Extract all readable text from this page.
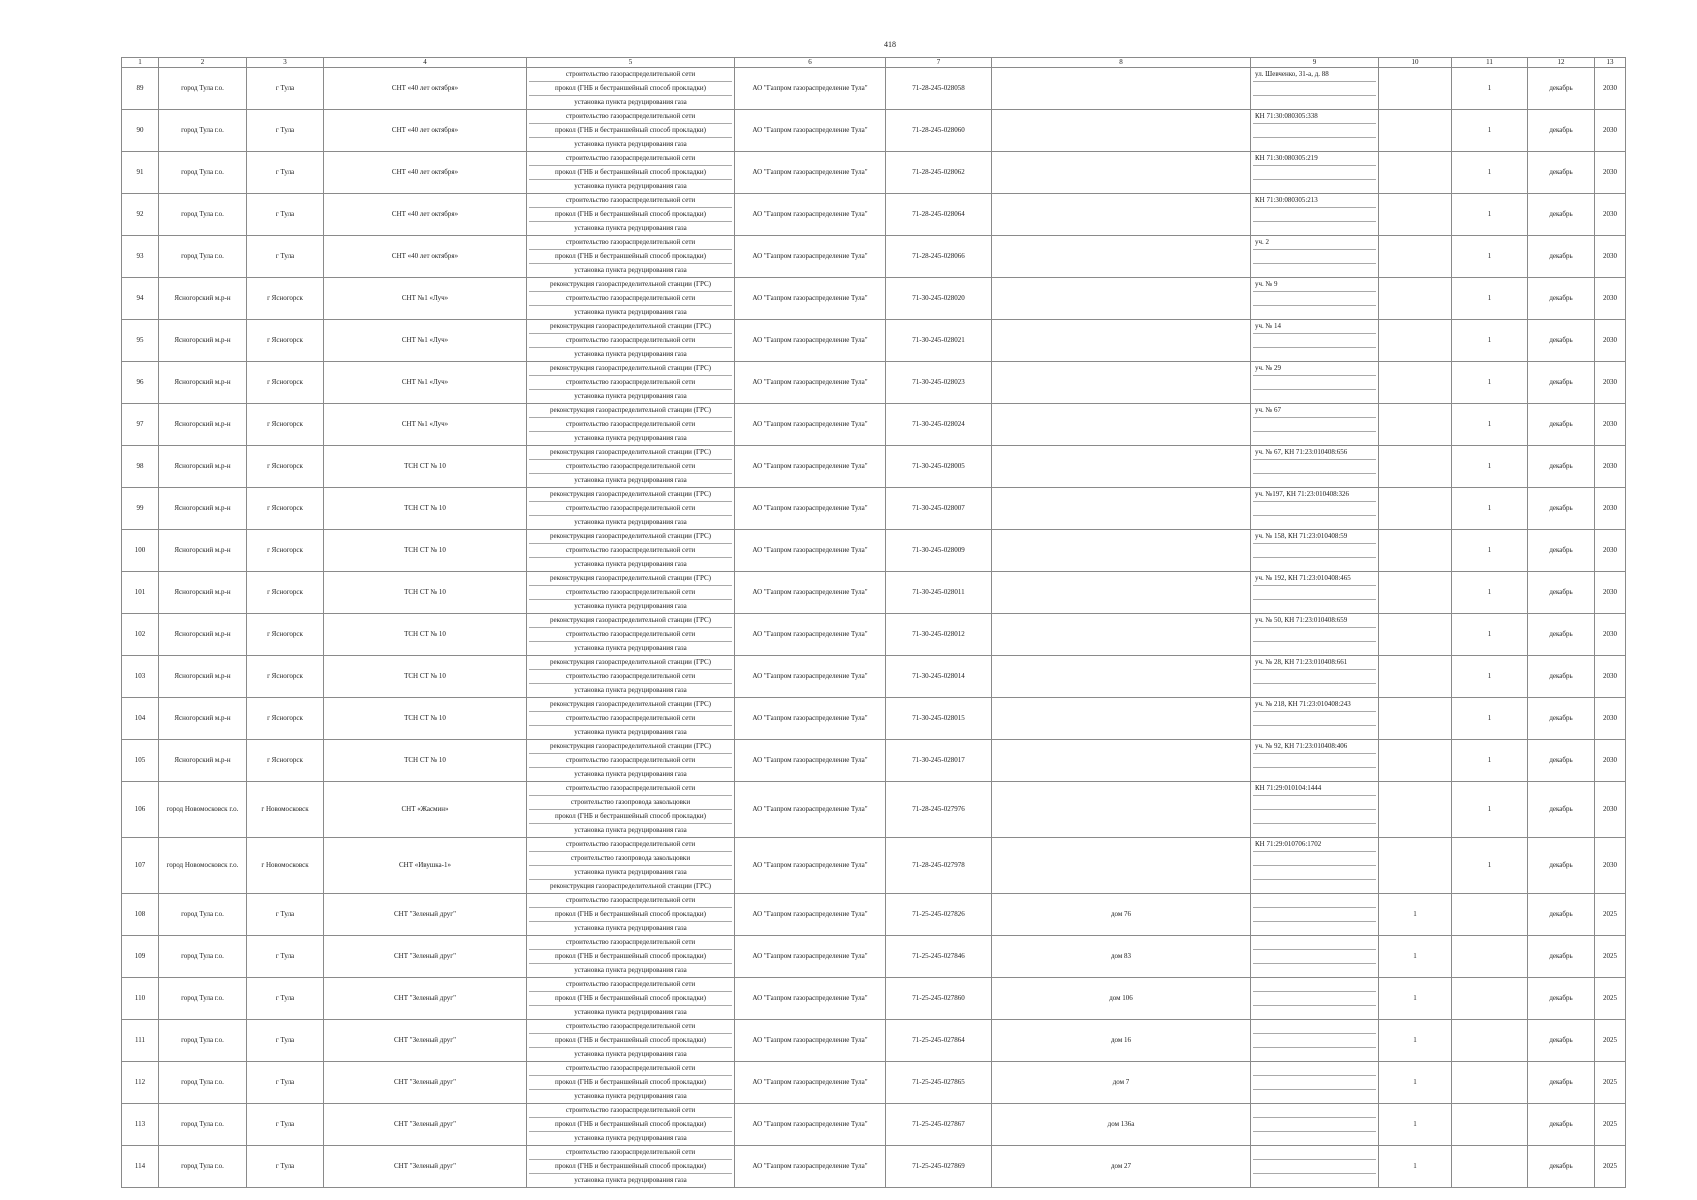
418
1	2	3	4	5	6	7	8	9	10	11	12	13
89	город Тула г.о.	г Тула	СНТ «40 лет октября»	строительство газораспределительной сети
прокол (ГНБ и бестраншейный способ прокладки)
установка пункта редуцирования газа	АО "Газпром газораспределение Тула"	71-28-245-028058		ул. Шевченко, 31-а, д. 88		1	декабрь	2030
90	город Тула г.о.	г Тула	СНТ «40 лет октября»	строительство газораспределительной сети
прокол (ГНБ и бестраншейный способ прокладки)
установка пункта редуцирования газа	АО "Газпром газораспределение Тула"	71-28-245-028060		КН 71:30:080305:338		1	декабрь	2030
91	город Тула г.о.	г Тула	СНТ «40 лет октября»	строительство газораспределительной сети
прокол (ГНБ и бестраншейный способ прокладки)
установка пункта редуцирования газа	АО "Газпром газораспределение Тула"	71-28-245-028062		КН 71:30:080305:219		1	декабрь	2030
92	город Тула г.о.	г Тула	СНТ «40 лет октября»	строительство газораспределительной сети
прокол (ГНБ и бестраншейный способ прокладки)
установка пункта редуцирования газа	АО "Газпром газораспределение Тула"	71-28-245-028064		КН 71:30:080305:213		1	декабрь	2030
93	город Тула г.о.	г Тула	СНТ «40 лет октября»	строительство газораспределительной сети
прокол (ГНБ и бестраншейный способ прокладки)
установка пункта редуцирования газа	АО "Газпром газораспределение Тула"	71-28-245-028066		уч. 2		1	декабрь	2030
94	Ясногорский м.р-н	г Ясногорск	СНТ №1 «Луч»	реконструкция газораспределительной станции (ГРС)
строительство газораспределительной сети
установка пункта редуцирования газа	АО "Газпром газораспределение Тула"	71-30-245-028020		уч. № 9		1	декабрь	2030
95	Ясногорский м.р-н	г Ясногорск	СНТ №1 «Луч»	реконструкция газораспределительной станции (ГРС)
строительство газораспределительной сети
установка пункта редуцирования газа	АО "Газпром газораспределение Тула"	71-30-245-028021		уч. № 14		1	декабрь	2030
96	Ясногорский м.р-н	г Ясногорск	СНТ №1 «Луч»	реконструкция газораспределительной станции (ГРС)
строительство газораспределительной сети
установка пункта редуцирования газа	АО "Газпром газораспределение Тула"	71-30-245-028023		уч. № 29		1	декабрь	2030
97	Ясногорский м.р-н	г Ясногорск	СНТ №1 «Луч»	реконструкция газораспределительной станции (ГРС)
строительство газораспределительной сети
установка пункта редуцирования газа	АО "Газпром газораспределение Тула"	71-30-245-028024		уч. № 67		1	декабрь	2030
98	Ясногорский м.р-н	г Ясногорск	ТСН СТ № 10	реконструкция газораспределительной станции (ГРС)
строительство газораспределительной сети
установка пункта редуцирования газа	АО "Газпром газораспределение Тула"	71-30-245-028005		уч. № 67, КН 71:23:010408:656		1	декабрь	2030
99	Ясногорский м.р-н	г Ясногорск	ТСН СТ № 10	реконструкция газораспределительной станции (ГРС)
строительство газораспределительной сети
установка пункта редуцирования газа	АО "Газпром газораспределение Тула"	71-30-245-028007		уч. №197, КН 71:23:010408:326		1	декабрь	2030
100	Ясногорский м.р-н	г Ясногорск	ТСН СТ № 10	реконструкция газораспределительной станции (ГРС)
строительство газораспределительной сети
установка пункта редуцирования газа	АО "Газпром газораспределение Тула"	71-30-245-028009		уч. № 158, КН 71:23:010408:59		1	декабрь	2030
101	Ясногорский м.р-н	г Ясногорск	ТСН СТ № 10	реконструкция газораспределительной станции (ГРС)
строительство газораспределительной сети
установка пункта редуцирования газа	АО "Газпром газораспределение Тула"	71-30-245-028011		уч. № 192, КН 71:23:010408:465		1	декабрь	2030
102	Ясногорский м.р-н	г Ясногорск	ТСН СТ № 10	реконструкция газораспределительной станции (ГРС)
строительство газораспределительной сети
установка пункта редуцирования газа	АО "Газпром газораспределение Тула"	71-30-245-028012		уч. № 50, КН 71:23:010408:659		1	декабрь	2030
103	Ясногорский м.р-н	г Ясногорск	ТСН СТ № 10	реконструкция газораспределительной станции (ГРС)
строительство газораспределительной сети
установка пункта редуцирования газа	АО "Газпром газораспределение Тула"	71-30-245-028014		уч. № 28, КН 71:23:010408:661		1	декабрь	2030
104	Ясногорский м.р-н	г Ясногорск	ТСН СТ № 10	реконструкция газораспределительной станции (ГРС)
строительство газораспределительной сети
установка пункта редуцирования газа	АО "Газпром газораспределение Тула"	71-30-245-028015		уч. № 218, КН 71:23:010408:243		1	декабрь	2030
105	Ясногорский м.р-н	г Ясногорск	ТСН СТ № 10	реконструкция газораспределительной станции (ГРС)
строительство газораспределительной сети
установка пункта редуцирования газа	АО "Газпром газораспределение Тула"	71-30-245-028017		уч. № 92, КН 71:23:010408:406		1	декабрь	2030
106	город Новомосковск г.о.	г Новомосковск	СНТ «Жасмин»	строительство газораспределительной сети
строительство газопровода закольцовки
прокол (ГНБ и бестраншейный способ прокладки)
установка пункта редуцирования газа	АО "Газпром газораспределение Тула"	71-28-245-027976		КН 71:29:010104:1444		1	декабрь	2030
107	город Новомосковск г.о.	г Новомосковск	СНТ «Ивушка-1»	строительство газораспределительной сети
строительство газопровода закольцовки
установка пункта редуцирования газа
реконструкция газораспределительной станции (ГРС)	АО "Газпром газораспределение Тула"	71-28-245-027978		КН 71:29:010706:1702		1	декабрь	2030
108	город Тула г.о.	г Тула	СНТ "Зеленый друг"	строительство газораспределительной сети
прокол (ГНБ и бестраншейный способ прокладки)
установка пункта редуцирования газа	АО "Газпром газораспределение Тула"	71-25-245-027826	дом 76		1		декабрь	2025
109	город Тула г.о.	г Тула	СНТ "Зеленый друг"	строительство газораспределительной сети
прокол (ГНБ и бестраншейный способ прокладки)
установка пункта редуцирования газа	АО "Газпром газораспределение Тула"	71-25-245-027846	дом 83		1		декабрь	2025
110	город Тула г.о.	г Тула	СНТ "Зеленый друг"	строительство газораспределительной сети
прокол (ГНБ и бестраншейный способ прокладки)
установка пункта редуцирования газа	АО "Газпром газораспределение Тула"	71-25-245-027860	дом 106		1		декабрь	2025
111	город Тула г.о.	г Тула	СНТ "Зеленый друг"	строительство газораспределительной сети
прокол (ГНБ и бестраншейный способ прокладки)
установка пункта редуцирования газа	АО "Газпром газораспределение Тула"	71-25-245-027864	дом 16		1		декабрь	2025
112	город Тула г.о.	г Тула	СНТ "Зеленый друг"	строительство газораспределительной сети
прокол (ГНБ и бестраншейный способ прокладки)
установка пункта редуцирования газа	АО "Газпром газораспределение Тула"	71-25-245-027865	дом 7		1		декабрь	2025
113	город Тула г.о.	г Тула	СНТ "Зеленый друг"	строительство газораспределительной сети
прокол (ГНБ и бестраншейный способ прокладки)
установка пункта редуцирования газа	АО "Газпром газораспределение Тула"	71-25-245-027867	дом 136а		1		декабрь	2025
114	город Тула г.о.	г Тула	СНТ "Зеленый друг"	строительство газораспределительной сети
прокол (ГНБ и бестраншейный способ прокладки)
установка пункта редуцирования газа	АО "Газпром газораспределение Тула"	71-25-245-027869	дом 27		1		декабрь	2025
